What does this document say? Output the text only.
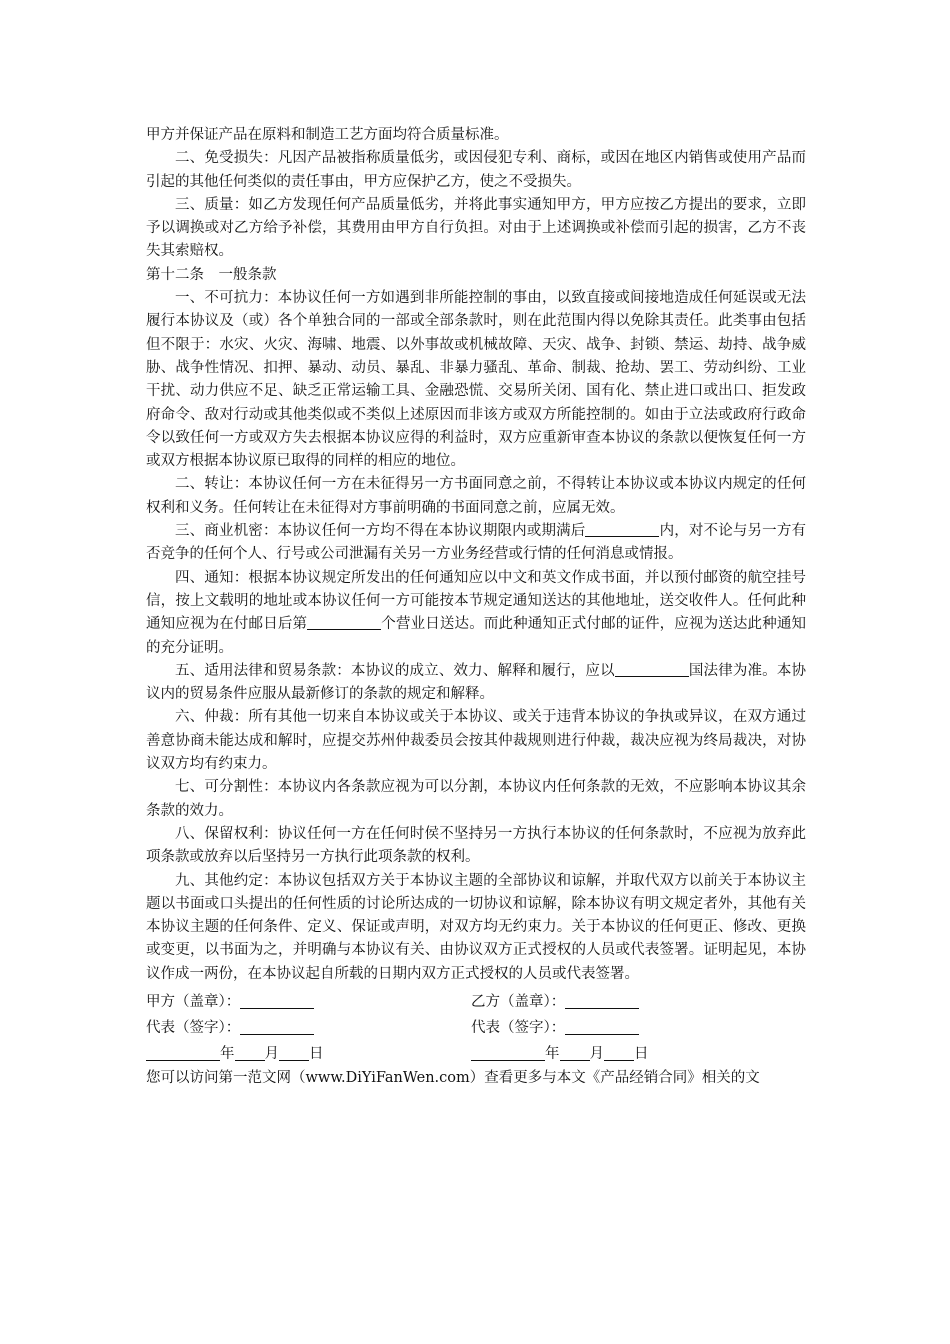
甲方并保证产品在原料和制造工艺方面均符合质量标准。

二、免受损失：凡因产品被指称质量低劣，或因侵犯专利、商标，或因在地区内销售或使用产品而引起的其他任何类似的责任事由，甲方应保护乙方，使之不受损失。

三、质量：如乙方发现任何产品质量低劣，并将此事实通知甲方，甲方应按乙方提出的要求，立即予以调换或对乙方给予补偿，其费用由甲方自行负担。对由于上述调换或补偿而引起的损害，乙方不丧失其索赔权。

第十二条　一般条款

一、不可抗力：本协议任何一方如遇到非所能控制的事由，以致直接或间接地造成任何延误或无法履行本协议及（或）各个单独合同的一部或全部条款时，则在此范围内得以免除其责任。此类事由包括但不限于：水灾、火灾、海啸、地震、以外事故或机械故障、天灾、战争、封锁、禁运、劫持、战争威胁、战争性情况、扣押、暴动、动员、暴乱、非暴力骚乱、革命、制裁、抢劫、罢工、劳动纠纷、工业干扰、动力供应不足、缺乏正常运输工具、金融恐慌、交易所关闭、国有化、禁止进口或出口、拒发政府命令、敌对行动或其他类似或不类似上述原因而非该方或双方所能控制的。如由于立法或政府行政命令以致任何一方或双方失去根据本协议应得的利益时，双方应重新审查本协议的条款以便恢复任何一方或双方根据本协议原已取得的同样的相应的地位。

二、转让：本协议任何一方在未征得另一方书面同意之前，不得转让本协议或本协议内规定的任何权利和义务。任何转让在未征得对方事前明确的书面同意之前，应属无效。

三、商业机密：本协议任何一方均不得在本协议期限内或期满后	内，对不论与另一方有否竞争的任何个人、行号或公司泄漏有关另一方业务经营或行情的任何消息或情报。

四、通知：根据本协议规定所发出的任何通知应以中文和英文作成书面，并以预付邮资的航空挂号信，按上文载明的地址或本协议任何一方可能按本节规定通知送达的其他地址，送交收件人。任何此种通知应视为在付邮日后第	个营业日送达。而此种通知正式付邮的证件，应视为送达此种通知的充分证明。

五、适用法律和贸易条款：本协议的成立、效力、解释和履行，应以	国法律为准。本协议内的贸易条件应服从最新修订的条款的规定和解释。

六、仲裁：所有其他一切来自本协议或关于本协议、或关于违背本协议的争执或异议，在双方通过善意协商未能达成和解时，应提交苏州仲裁委员会按其仲裁规则进行仲裁，裁决应视为终局裁决，对协议双方均有约束力。

七、可分割性：本协议内各条款应视为可以分割，本协议内任何条款的无效，不应影响本协议其余条款的效力。

八、保留权利：协议任何一方在任何时侯不坚持另一方执行本协议的任何条款时，不应视为放弃此项条款或放弃以后坚持另一方执行此项条款的权利。

九、其他约定：本协议包括双方关于本协议主题的全部协议和谅解，并取代双方以前关于本协议主题以书面或口头提出的任何性质的讨论所达成的一切协议和谅解，除本协议有明文规定者外，其他有关本协议主题的任何条件、定义、保证或声明，对双方均无约束力。关于本协议的任何更正、修改、更换或变更，以书面为之，并明确与本协议有关、由协议双方正式授权的人员或代表签署。证明起见，本协议作成一两份，在本协议起自所载的日期内双方正式授权的人员或代表签署。

甲方（盖章）：	乙方（盖章）：
代表（签字）：	代表（签字）：
年 月 日	年 月 日
您可以访问第一范文网（www.DiYiFanWen.com）查看更多与本文《产品经销合同》相关的文
